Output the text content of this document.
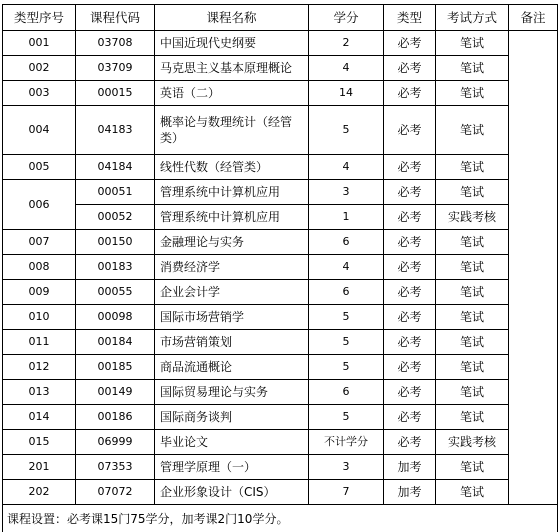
类型序号	课程代码	课程名称	学分	类型	考试方式	备注
001	03708	中国近现代史纲要	2	必考	笔试	
002	03709	马克思主义基本原理概论	4	必考	笔试	
003	00015	英语（二）	14	必考	笔试	
004	04183	概率论与数理统计（经管类）	5	必考	笔试	
005	04184	线性代数（经管类）	4	必考	笔试	
006	00051	管理系统中计算机应用	3	必考	笔试	
	00052	管理系统中计算机应用	1	必考	实践考核	
007	00150	金融理论与实务	6	必考	笔试	
008	00183	消费经济学	4	必考	笔试	
009	00055	企业会计学	6	必考	笔试	
010	00098	国际市场营销学	5	必考	笔试	
011	00184	市场营销策划	5	必考	笔试	
012	00185	商品流通概论	5	必考	笔试	
013	00149	国际贸易理论与实务	6	必考	笔试	
014	00186	国际商务谈判	5	必考	笔试	
015	06999	毕业论文	不计学分	必考	实践考核	
201	07353	管理学原理（一）	3	加考	笔试	
202	07072	企业形象设计（CIS）	7	加考	笔试	
课程设置：必考课15门75学分，加考课2门10学分。						
